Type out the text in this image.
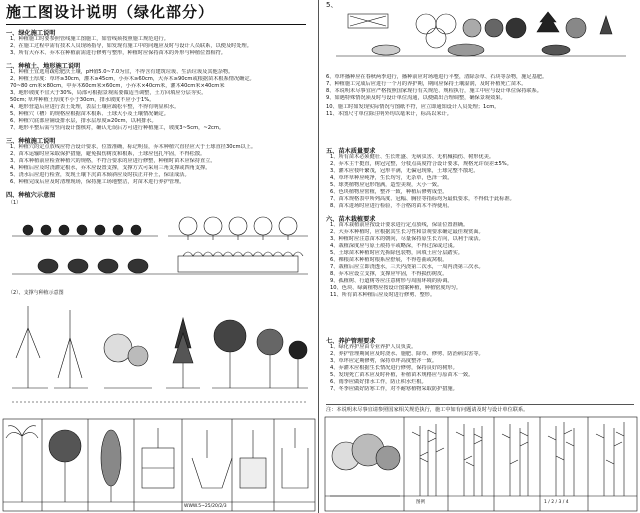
施工图设计说明（绿化部分）
一、绿化施工说明
1、种植施工时要参照管线施工图施工，如管线须按照施工规范进行。
2、在施工过程中需有技术人员现场指导，如发现有施工中的问题应及时与设计人员联系，以便及时处理。
3、所有大乔木、乔木在种植前需进行修剪与整形，种植时应保持苗木的外形与种植位置相符。
二、种植土、地形施工说明
1、种植土宜选用疏松肥沃土壤，pH值5.0~7.0为宜，不得含有建筑垃圾、生活垃圾及其他杂物。
2、种植土厚度：草坪≥30cm，灌木≥45cm，小乔木≥60cm，大乔木≥90cm或根据苗木根系情况确定。
70~80 cm米×80cm，中乔木60cm米×60cm，小乔木×40cm米，灌木40cm米×40cm米
3、地形坡度不宜大于30%，局部可根据景观需要做适当调整，土方回填应分层夯实。
50cm; 草坪种植土厚度不小于30cm，排水坡度不应小于1%。
4、地形营造后应进行表土处理，表层土壤应疏松平整，不得有明显积水。
5、种植穴（槽）的规格应根据苗木根系、土球大小及土壤情况确定。
6、种植穴底部应铺设排水层，排水层厚度≥20cm，以利排水。
7、地形平整后需与竖向设计图核对，确认无误后方可进行种植施工，坡度3~5cm，~2cm。
三、种植施工说明
1、种植穴的定点放线应符合设计要求，位置准确，标记明显，乔木种植穴直径应大于土球直径30cm以上。
2、苗木运输时应采取保护措施，避免损伤树皮和根系，土球应包扎牢固，不得松散。
3、苗木种植前应检查种植穴的规格，不符合要求的应进行修整，种植时苗木应保持直立。
4、种植后应及时浇灌定根水，乔木应设置支撑，支撑方式可采用三角支撑或四角支撑。
5、浇水后应进行检查，发现土壤下沉苗木倾斜应及时扶正并补土，保证成活。
6、种植完成后应及时清理现场，保持施工场地整洁，对苗木进行养护管理。
四、种植穴示意图
（1）
（2）、支撑与种植示意图
WWW.5~25/20/2/3
5、
6、草坪播种应在春秋两季进行，播种前应对场地进行平整，清除杂草、石块等杂物，施足基肥。
7、种植施工完成后应进行一个月的养护期，期间应保持土壤湿润，及时补植死亡苗木。
8、本说明未尽事宜应严格按照国家现行有关规范、规程执行，施工中应与设计单位保持联系。
9、如遇特殊情况须及时与设计单位沟通，以便做出合理调整，确保景观效果。
10、施工时如发现实际情况与图纸不符，应立即通知设计人员处理；1cm。
11、本图尺寸单位除注明外均以毫米计，标高以米计。
五、苗木质量要求
1、所有苗木必须健壮、生长旺盛、无病虫害、无机械损伤、树形优美。
2、乔木主干挺直，树冠完整，分枝点高度符合设计要求，规格允许误差±5%。
3、灌木应枝叶繁茂，冠形丰满，无偏冠现象，土球完整不散坨。
4、草坪草种应纯净，生长均匀，无杂草，色泽一致。
5、球类植物应冠形饱满，造型美观，大小一致。
6、色块植物应密植，整齐一致，种植后修剪成型。
7、苗木规格表中所列高度、冠幅、胸径等指标均为最低要求，不得低于此标准。
8、苗木进场时应进行检验，不合格的苗木不得使用。
六、苗木栽植要求
1、苗木栽植前应按设计要求进行定点放线，保证位置准确。
2、大乔木种植时，应根据其生长习性和景观要求确定最佳观赏面。
3、种植时应注意苗木的朝向，尽量保持原生长方向，以利于成活。
4、栽植深度应与原土痕持平或略深，不得过深或过浅。
5、土球苗木种植时应先拆除包装物，回填土应分层踏实。
6、裸根苗木种植时根系应舒展，不得卷曲或窝根。
7、栽植后应立即浇透水，三天内浇第二次水，一周内浇第三次水。
8、乔木应设立支撑，支撑应牢固，不得损伤树皮。
9、孤植树、行道树等应注意树形与周围环境的协调。
10、色块、绿篱植物应按设计图案种植，种植密度均匀。
11、所有苗木种植后应及时进行修剪、整形。
七、养护管理要求
1、绿化养护应由专业养护人员负责。
2、养护管理期间应及时浇水、施肥、除草、修剪、防治病虫害等。
3、草坪应定期修剪，保持草坪高度整齐一致。
4、乔灌木应根据生长情况进行修剪，保持良好的树形。
5、发现死亡苗木应及时补植，补植苗木规格应与原苗木一致。
6、雨季应做好排水工作，防止积水烂根。
7、冬季应做好防寒工作，对不耐寒植物采取防护措施。
注：本说明未尽事宜请参照国家相关规范执行，施工中如有问题请及时与设计单位联系。
图例	1 / 2 / 3 / 4
